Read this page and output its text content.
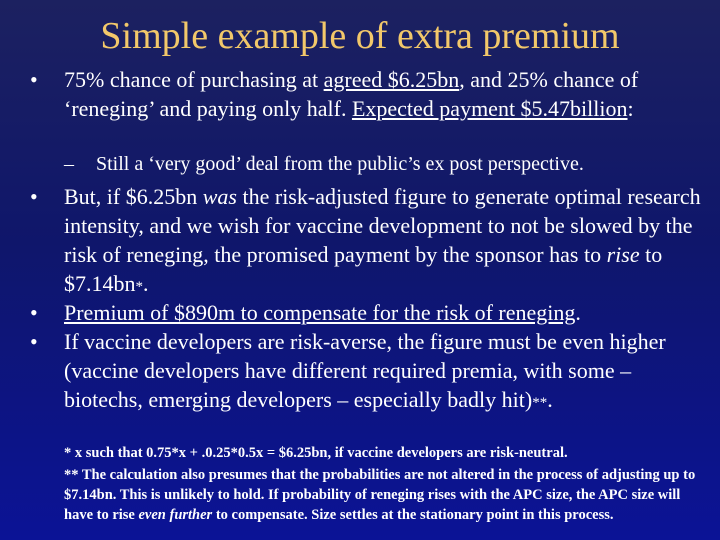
Simple example of extra premium
• 75% chance of purchasing at agreed $6.25bn, and 25% chance of ‘reneging’ and paying only half. Expected payment $5.47billion:
– Still a ‘very good’ deal from the public’s ex post perspective.
• But, if $6.25bn was the risk-adjusted figure to generate optimal research intensity, and we wish for vaccine development to not be slowed by the risk of reneging, the promised payment by the sponsor has to rise to $7.14bn*.
• Premium of $890m to compensate for the risk of reneging.
• If vaccine developers are risk-averse, the figure must be even higher (vaccine developers have different required premia, with some – biotechs, emerging developers – especially badly hit)**.
* x such that 0.75*x + .0.25*0.5x = $6.25bn, if vaccine developers are risk-neutral.
** The calculation also presumes that the probabilities are not altered in the process of adjusting up to $7.14bn. This is unlikely to hold. If probability of reneging rises with the APC size, the APC size will have to rise even further to compensate. Size settles at the stationary point in this process.
